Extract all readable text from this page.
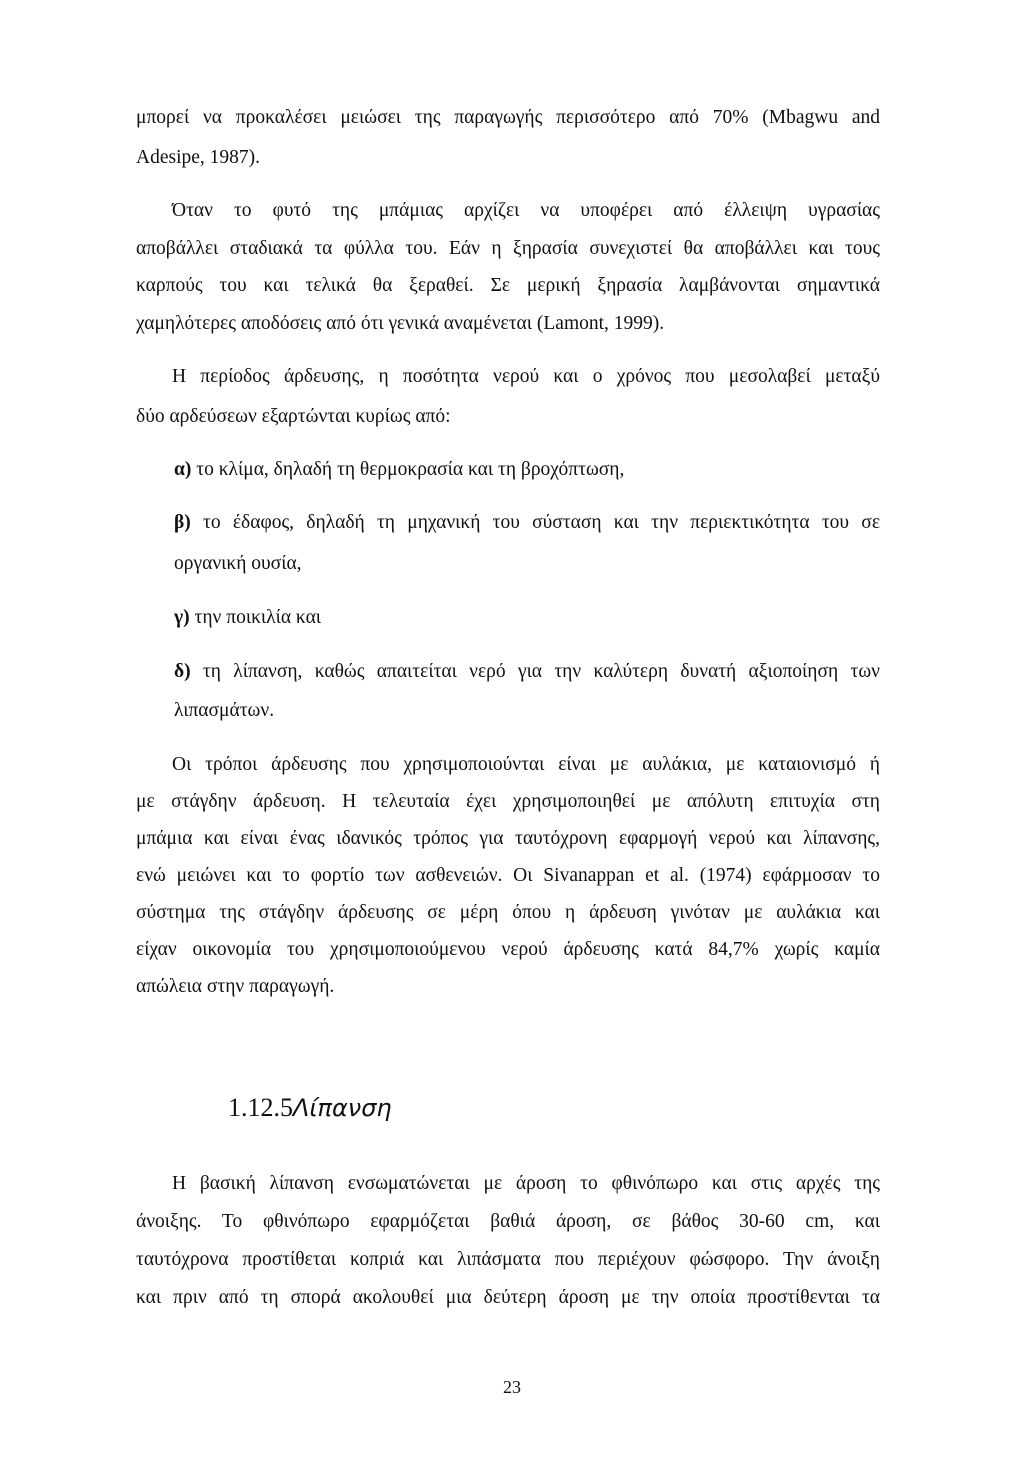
μπορεί να προκαλέσει μειώσει της παραγωγής περισσότερο από 70% (Mbagwu and
Adesipe, 1987).
Όταν το φυτό της μπάμιας αρχίζει να υποφέρει από έλλειψη υγρασίας
αποβάλλει σταδιακά τα φύλλα του. Εάν η ξηρασία συνεχιστεί θα αποβάλλει και τους
καρπούς του και τελικά θα ξεραθεί. Σε μερική ξηρασία λαμβάνονται σημαντικά
χαμηλότερες αποδόσεις από ότι γενικά αναμένεται (Lamont, 1999).
Η περίοδος άρδευσης, η ποσότητα νερού και ο χρόνος που μεσολαβεί μεταξύ
δύο αρδεύσεων εξαρτώνται κυρίως από:
α) το κλίμα, δηλαδή τη θερμοκρασία και τη βροχόπτωση,
β) το έδαφος, δηλαδή τη μηχανική του σύσταση και την περιεκτικότητα του σε
οργανική ουσία,
γ) την ποικιλία και
δ) τη λίπανση, καθώς απαιτείται νερό για την καλύτερη δυνατή αξιοποίηση των
λιπασμάτων.
Οι τρόποι άρδευσης που χρησιμοποιούνται είναι με αυλάκια, με καταιονισμό ή
με στάγδην άρδευση. Η τελευταία έχει χρησιμοποιηθεί με απόλυτη επιτυχία στη
μπάμια και είναι ένας ιδανικός τρόπος για ταυτόχρονη εφαρμογή νερού και λίπανσης,
ενώ μειώνει και το φορτίο των ασθενειών. Οι Sivanappan et al. (1974) εφάρμοσαν το
σύστημα της στάγδην άρδευσης σε μέρη όπου η άρδευση γινόταν με αυλάκια και
είχαν οικονομία του χρησιμοποιούμενου νερού άρδευσης κατά 84,7% χωρίς καμία
απώλεια στην παραγωγή.
1.12.5Λίπανση
Η βασική λίπανση ενσωματώνεται με άροση το φθινόπωρο και στις αρχές της
άνοιξης. Το φθινόπωρο εφαρμόζεται βαθιά άροση, σε βάθος 30-60 cm, και
ταυτόχρονα προστίθεται κοπριά και λιπάσματα που περιέχουν φώσφορο. Την άνοιξη
και πριν από τη σπορά ακολουθεί μια δεύτερη άροση με την οποία προστίθενται τα
23
